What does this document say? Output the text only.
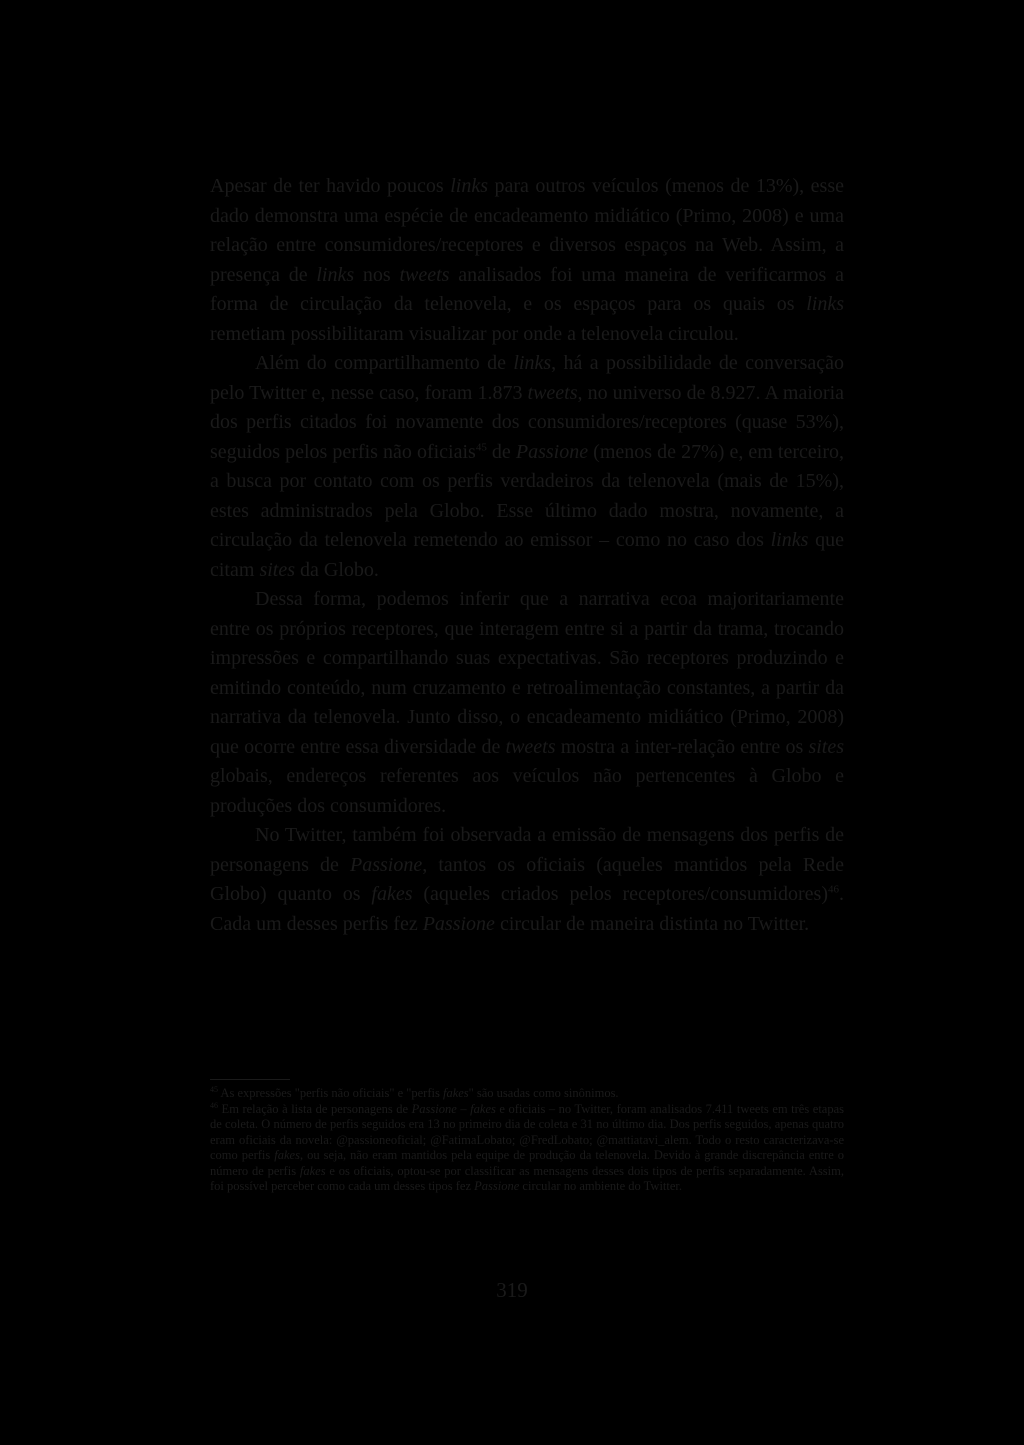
Apesar de ter havido poucos links para outros veículos (menos de 13%), esse dado demonstra uma espécie de encadeamento midiático (Primo, 2008) e uma relação entre consumidores/receptores e diversos espaços na Web. Assim, a presença de links nos tweets analisados foi uma maneira de verificarmos a forma de circulação da telenovela, e os espaços para os quais os links remetiam possibilitaram visualizar por onde a telenovela circulou.

Além do compartilhamento de links, há a possibilidade de conversação pelo Twitter e, nesse caso, foram 1.873 tweets, no universo de 8.927. A maioria dos perfis citados foi novamente dos consumidores/receptores (quase 53%), seguidos pelos perfis não oficiais$^{45}$ de Passione (menos de 27%) e, em terceiro, a busca por contato com os perfis verdadeiros da telenovela (mais de 15%), estes administrados pela Globo. Esse último dado mostra, novamente, a circulação da telenovela remetendo ao emissor – como no caso dos links que citam sites da Globo.

Dessa forma, podemos inferir que a narrativa ecoa majoritariamente entre os próprios receptores, que interagem entre si a partir da trama, trocando impressões e compartilhando suas expectativas. São receptores produzindo e emitindo conteúdo, num cruzamento e retroalimentação constantes, a partir da narrativa da telenovela. Junto disso, o encadeamento midiático (Primo, 2008) que ocorre entre essa diversidade de tweets mostra a inter-relação entre os sites globais, endereços referentes aos veículos não pertencentes à Globo e produções dos consumidores.

No Twitter, também foi observada a emissão de mensagens dos perfis de personagens de Passione, tantos os oficiais (aqueles mantidos pela Rede Globo) quanto os fakes (aqueles criados pelos receptores/consumidores)$^{46}$. Cada um desses perfis fez Passione circular de maneira distinta no Twitter.

$^{45}$ As expressões "perfis não oficiais" e "perfis fakes" são usadas como sinônimos.

$^{46}$ Em relação à lista de personagens de Passione – fakes e oficiais – no Twitter, foram analisados 7.411 tweets em três etapas de coleta. O número de perfis seguidos era 13 no primeiro dia de coleta e 31 no último dia. Dos perfis seguidos, apenas quatro eram oficiais da novela: @passioneoficial; @FatimaLobato; @FredLobato; @mattiatavi_alem. Todo o resto caracterizava-se como perfis fakes, ou seja, não eram mantidos pela equipe de produção da telenovela. Devido à grande discrepância entre o número de perfis fakes e os oficiais, optou-se por classificar as mensagens desses dois tipos de perfis separadamente. Assim, foi possível perceber como cada um desses tipos fez Passione circular no ambiente do Twitter.

319
